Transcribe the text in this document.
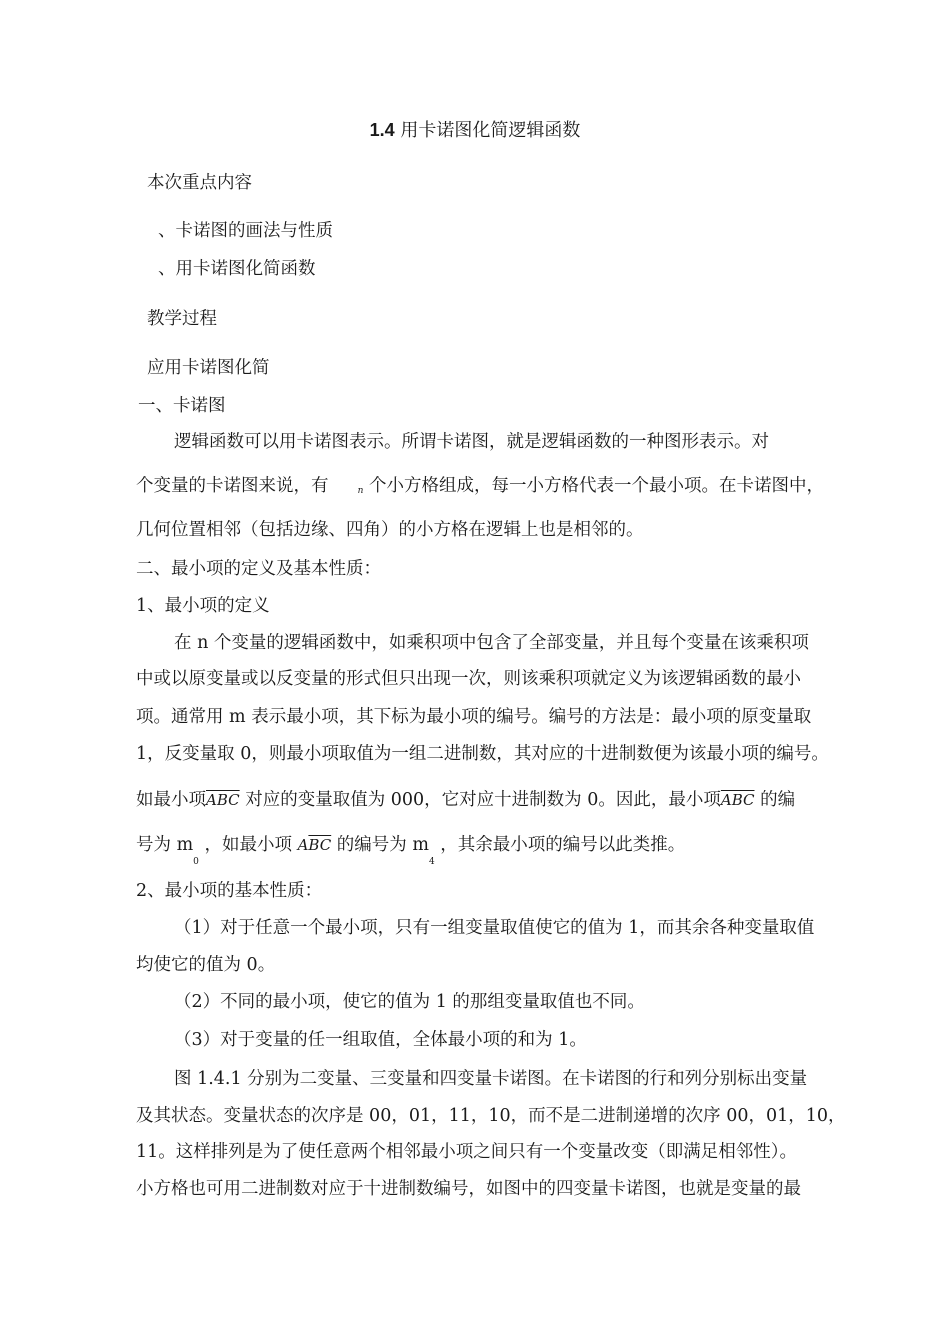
1.4 用卡诺图化简逻辑函数
本次重点内容
、卡诺图的画法与性质
、用卡诺图化简函数
教学过程
应用卡诺图化简
一、卡诺图
逻辑函数可以用卡诺图表示。所谓卡诺图，就是逻辑函数的一种图形表示。对
个变量的卡诺图来说，有	n 个小方格组成，每一小方格代表一个最小项。在卡诺图中，
几何位置相邻（包括边缘、四角）的小方格在逻辑上也是相邻的。
二、最小项的定义及基本性质：
1、最小项的定义
在 n 个变量的逻辑函数中，如乘积项中包含了全部变量，并且每个变量在该乘积项
中或以原变量或以反变量的形式但只出现一次，则该乘积项就定义为该逻辑函数的最小
项。通常用 m 表示最小项，其下标为最小项的编号。编号的方法是：最小项的原变量取
1，反变量取 0，则最小项取值为一组二进制数，其对应的十进制数便为该最小项的编号。
如最小项$\overline{ABC}$ 对应的变量取值为 000，它对应十进制数为 0。因此，最小项$\overline{ABC}$ 的编
号为 $m_0$ ，如最小项 $A\overline{BC}$ 的编号为 $m_4$ ，其余最小项的编号以此类推。
2、最小项的基本性质：
（1）对于任意一个最小项，只有一组变量取值使它的值为 1，而其余各种变量取值
均使它的值为 0。
（2）不同的最小项，使它的值为 1 的那组变量取值也不同。
（3）对于变量的任一组取值，全体最小项的和为 1。
图 1.4.1 分别为二变量、三变量和四变量卡诺图。在卡诺图的行和列分别标出变量
及其状态。变量状态的次序是 00，01，11，10，而不是二进制递增的次序 00，01，10，
11。这样排列是为了使任意两个相邻最小项之间只有一个变量改变（即满足相邻性）。
小方格也可用二进制数对应于十进制数编号，如图中的四变量卡诺图，也就是变量的最
